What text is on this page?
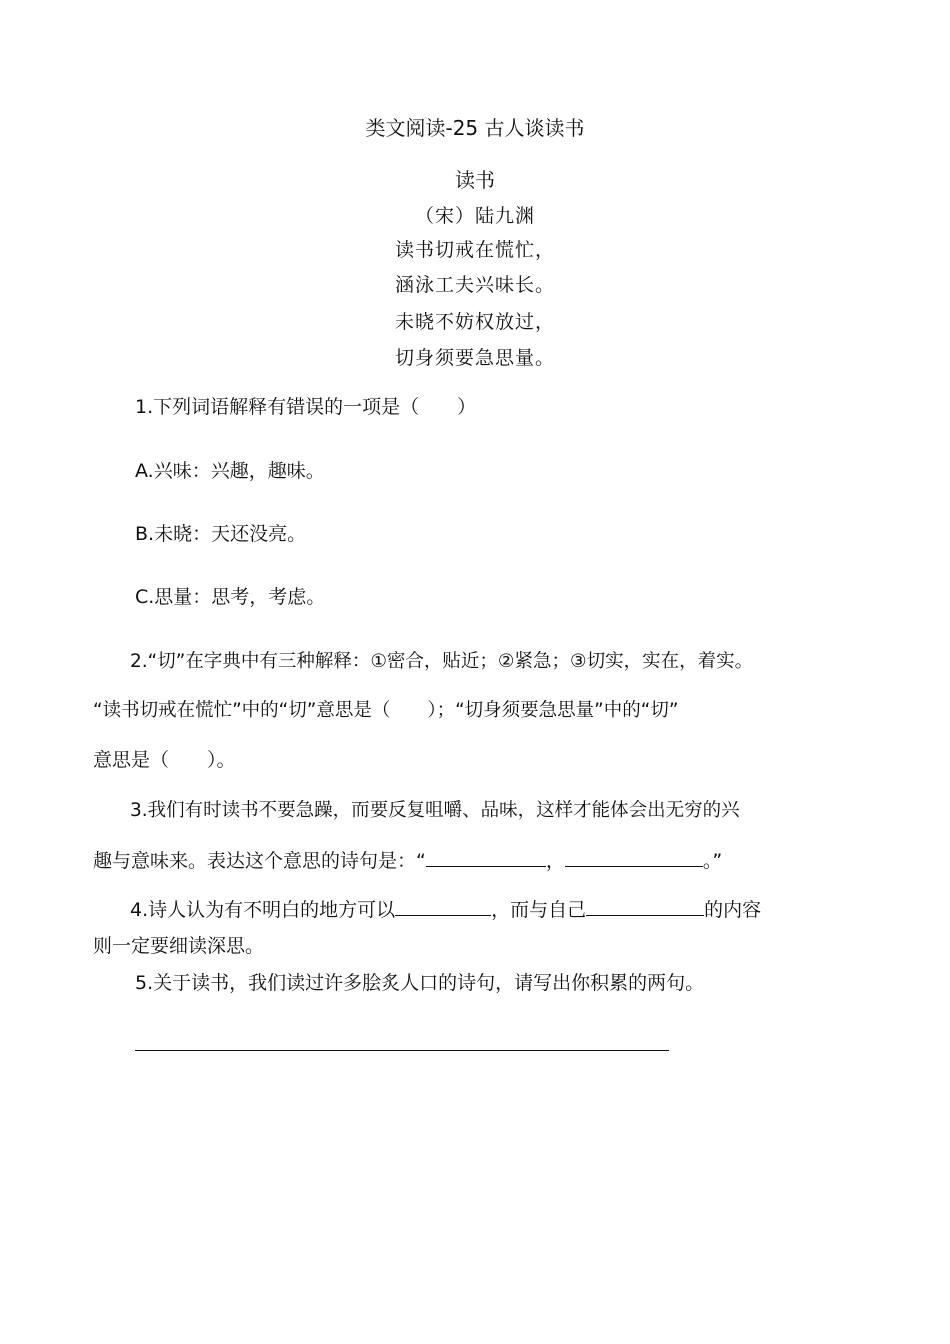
类文阅读-25 古人谈读书
读书
（宋）陆九渊
读书切戒在慌忙，
涵泳工夫兴味长。
未晓不妨权放过，
切身须要急思量。
1.下列词语解释有错误的一项是（　　）
A.兴味：兴趣，趣味。
B.未晓：天还没亮。
C.思量：思考，考虑。
2.“切”在字典中有三种解释：①密合，贴近；②紧急；③切实，实在，着实。
“读书切戒在慌忙”中的“切”意思是（　　）；“切身须要急思量”中的“切”
意思是（　　）。
3.我们有时读书不要急躁，而要反复咀嚼、品味，这样才能体会出无穷的兴
趣与意味来。表达这个意思的诗句是：“	，	。”
4.诗人认为有不明白的地方可以	，而与自己	的内容
则一定要细读深思。
5.关于读书，我们读过许多脍炙人口的诗句，请写出你积累的两句。
